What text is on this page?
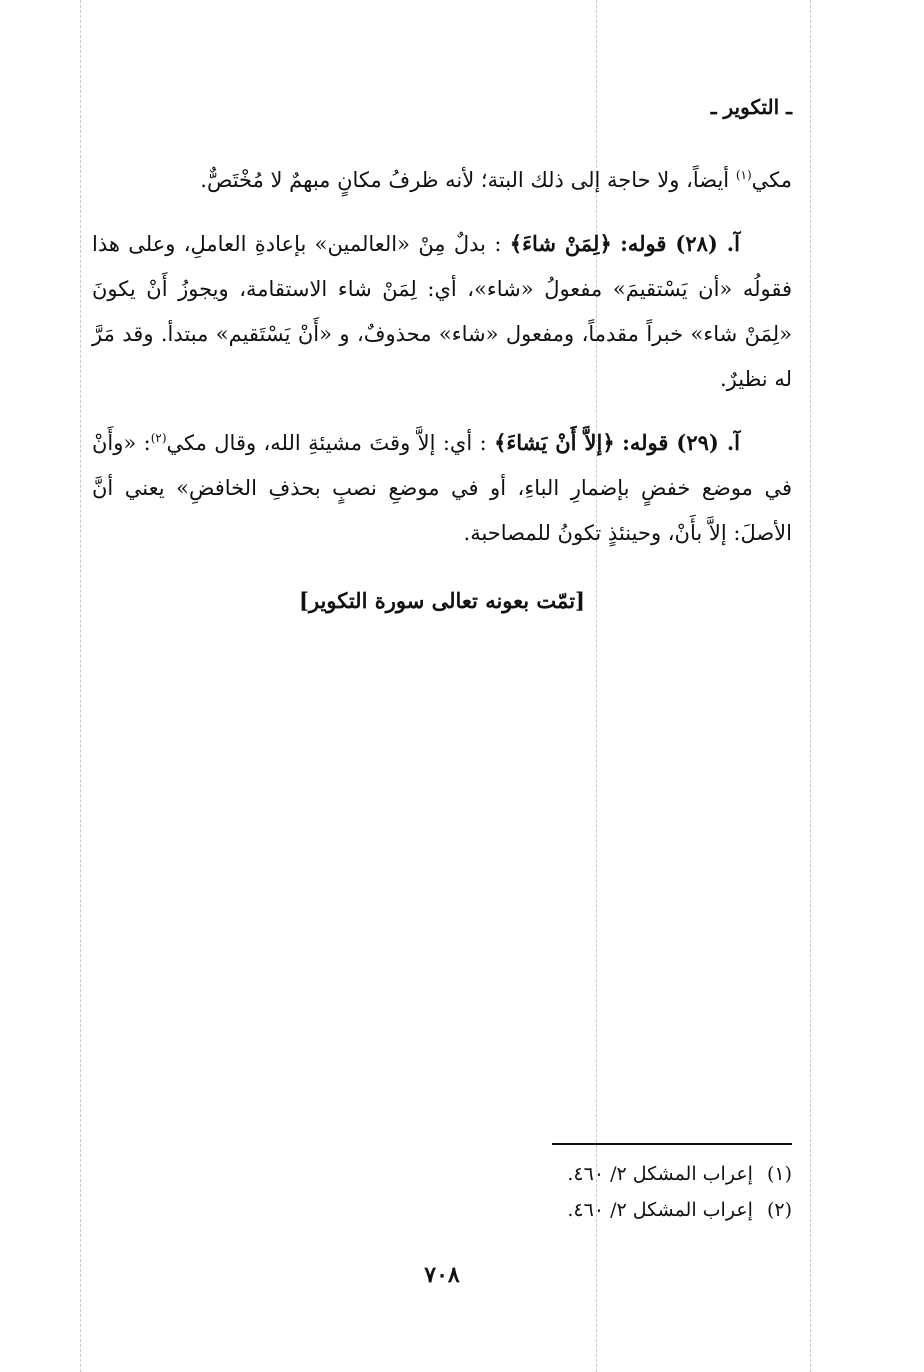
ـ التكوير ـ

مكي$^{(١)}$ أيضاً، ولا حاجة إلى ذلك البتة؛ لأنه ظرفُ مكانٍ مبهمٌ لا مُخْتَصٌّ.

آ. (٢٨) قوله: ﴿لِمَنْ شاءَ﴾ : بدلٌ مِنْ «العالمين» بإعادةِ العاملِ، وعلى هذا فقولُه «أن يَسْتقيمَ» مفعولُ «شاء»، أي: لِمَنْ شاء الاستقامة، ويجوزُ أَنْ يكونَ «لِمَنْ شاء» خبراً مقدماً، ومفعول «شاء» محذوفٌ، و «أَنْ يَسْتَقيم» مبتدأ. وقد مَرَّ له نظيرٌ.

آ. (٢٩) قوله: ﴿إلاَّ أَنْ يَشاءَ﴾ : أي: إلاَّ وقتَ مشيئةِ الله، وقال مكي$^{(٢)}$: «وأَنْ في موضع خفضٍ بإضمارِ الباءِ، أو في موضعِ نصبٍ بحذفِ الخافضِ» يعني أنَّ الأصلَ: إلاَّ بأَنْ، وحينئذٍ تكونُ للمصاحبة.

[تمّت بعونه تعالى سورة التكوير]

(١)إعراب المشكل ٢/ ٤٦٠.
(٢)إعراب المشكل ٢/ ٤٦٠.
٧٠٨
